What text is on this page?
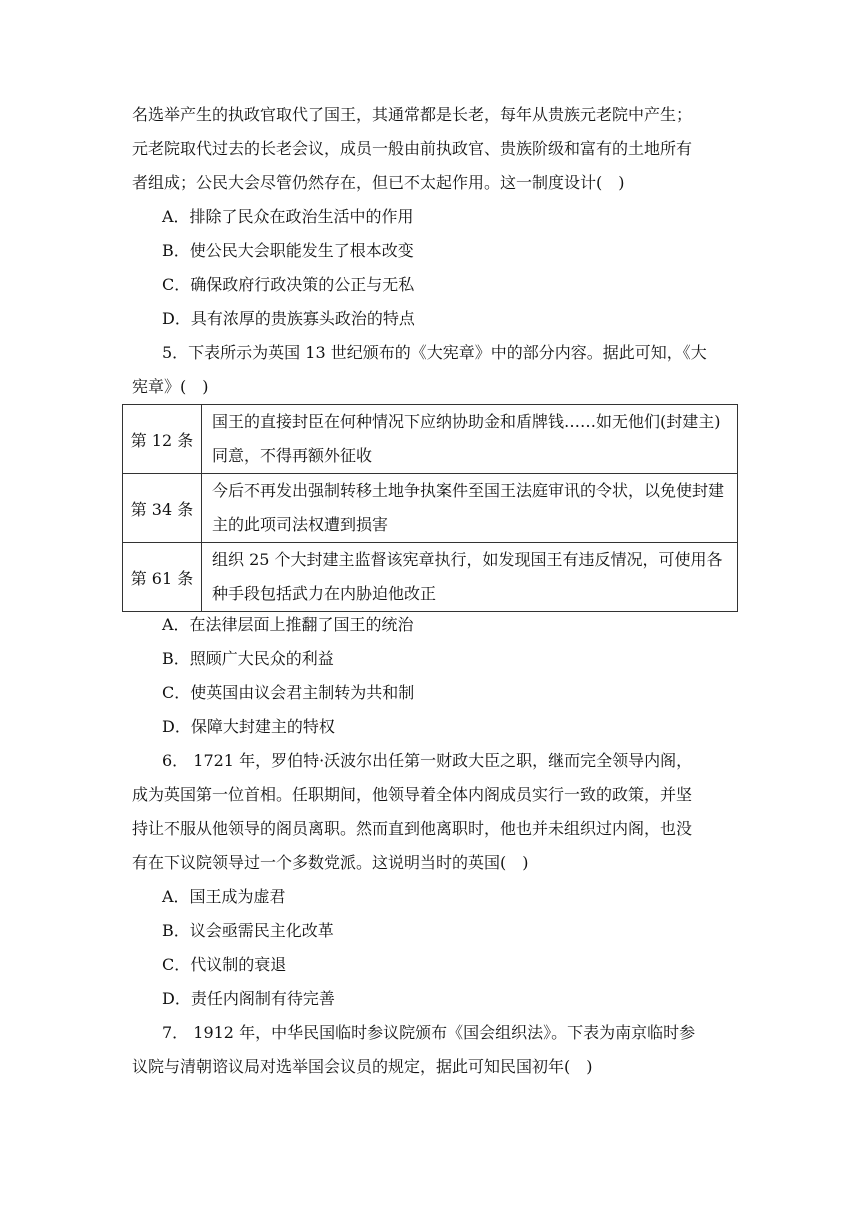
名选举产生的执政官取代了国王，其通常都是长老，每年从贵族元老院中产生；
元老院取代过去的长老会议，成员一般由前执政官、贵族阶级和富有的土地所有
者组成；公民大会尽管仍然存在，但已不太起作用。这一制度设计(　)
A．排除了民众在政治生活中的作用
B．使公民大会职能发生了根本改变
C．确保政府行政决策的公正与无私
D．具有浓厚的贵族寡头政治的特点
5．下表所示为英国 13 世纪颁布的《大宪章》中的部分内容。据此可知，《大
宪章》(　)
第 12 条	国王的直接封臣在何种情况下应纳协助金和盾牌钱……如无他们(封建主)同意，不得再额外征收
第 34 条	今后不再发出强制转移土地争执案件至国王法庭审讯的令状，以免使封建主的此项司法权遭到损害
第 61 条	组织 25 个大封建主监督该宪章执行，如发现国王有违反情况，可使用各种手段包括武力在内胁迫他改正
A．在法律层面上推翻了国王的统治
B．照顾广大民众的利益
C．使英国由议会君主制转为共和制
D．保障大封建主的特权
6． 1721 年，罗伯特·沃波尔出任第一财政大臣之职，继而完全领导内阁，
成为英国第一位首相。任职期间，他领导着全体内阁成员实行一致的政策，并坚
持让不服从他领导的阁员离职。然而直到他离职时，他也并未组织过内阁，也没
有在下议院领导过一个多数党派。这说明当时的英国(　)
A．国王成为虚君
B．议会亟需民主化改革
C．代议制的衰退
D．责任内阁制有待完善
7． 1912 年，中华民国临时参议院颁布《国会组织法》。下表为南京临时参
议院与清朝谘议局对选举国会议员的规定，据此可知民国初年(　)
